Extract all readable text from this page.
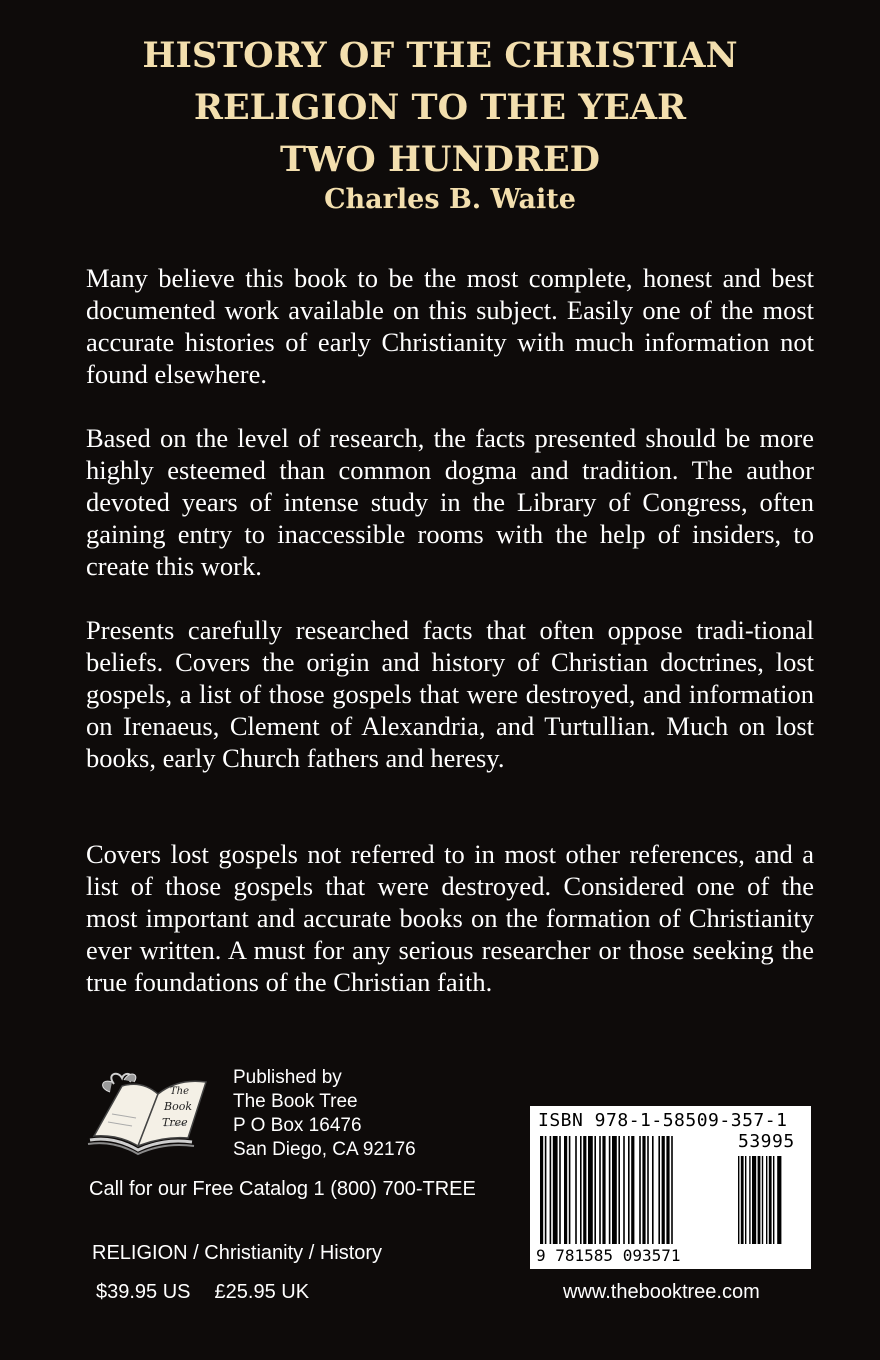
HISTORY OF THE CHRISTIAN
RELIGION TO THE YEAR
TWO HUNDRED
Charles B. Waite
Many believe this book to be the most complete, honest and best documented work available on this subject. Easily one of the most accurate histories of early Christianity with much information not found elsewhere.
Based on the level of research, the facts presented should be more highly esteemed than common dogma and tradition. The author devoted years of intense study in the Library of Congress, often gaining entry to inaccessible rooms with the help of insiders, to create this work.
Presents carefully researched facts that often oppose tradi-tional beliefs. Covers the origin and history of Christian doctrines, lost gospels, a list of those gospels that were destroyed, and information on Irenaeus, Clement of Alexandria, and Turtullian. Much on lost books, early Church fathers and heresy.
Covers lost gospels not referred to in most other references, and a list of those gospels that were destroyed. Considered one of the most important and accurate books on the formation of Christianity ever written. A must for any serious researcher or those seeking the true foundations of the Christian faith.
The
Book
Tree
Published by
The Book Tree
P O Box 16476
San Diego, CA 92176
Call for our Free Catalog 1 (800) 700-TREE
RELIGION / Christianity / History
$39.95 US £25.95 UK
ISBN 978-1-58509-357-1
53995
9 781585 093571
www.thebooktree.com
